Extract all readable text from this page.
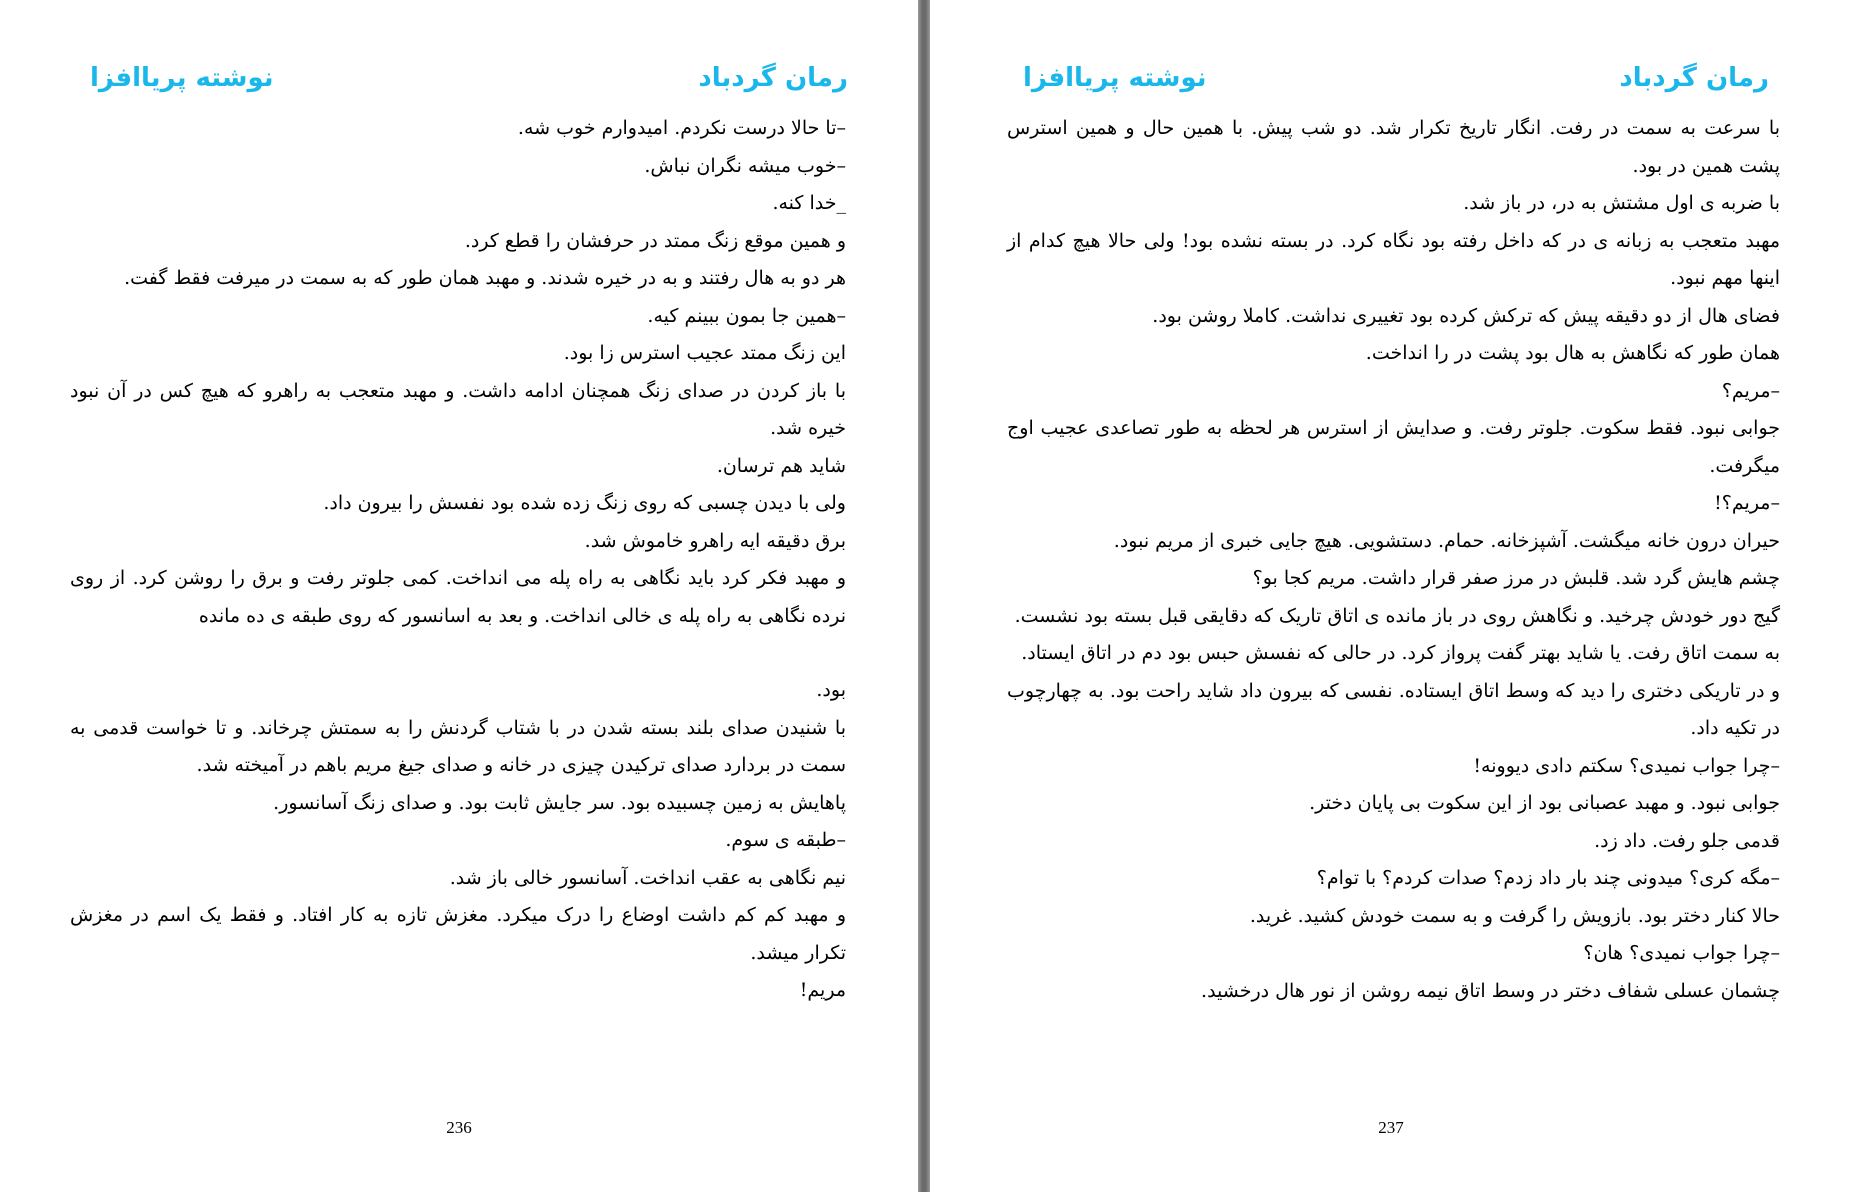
رمان گردباد
نوشته پریاافزا

–تا حالا درست نکردم. امیدوارم خوب شه.

–خوب میشه نگران نباش.

_خدا کنه.

و همین موقع زنگ ممتد در حرفشان را قطع کرد.

هر دو به هال رفتند و به در خیره شدند. و مهبد همان طور که به سمت در میرفت فقط گفت.

–همین جا بمون ببینم کیه.

این زنگ ممتد عجیب استرس زا بود.

با باز کردن در صدای زنگ همچنان ادامه داشت. و مهبد متعجب به راهرو که هیچ کس در آن نبود خیره شد.

شاید هم ترسان.

ولی با دیدن چسبی که روی زنگ زده شده بود نفسش را بیرون داد.

برق دقیقه ایه راهرو خاموش شد.

و مهبد فکر کرد باید نگاهی به راه پله می انداخت. کمی جلوتر رفت و برق را روشن کرد. از روی نرده نگاهی به راه پله ی خالی انداخت. و بعد به اسانسور که روی طبقه ی ده مانده

بود.

با شنیدن صدای بلند بسته شدن در با شتاب گردنش را به سمتش چرخاند. و تا خواست قدمی به سمت در بردارد صدای ترکیدن چیزی در خانه و صدای جیغ مریم باهم در آمیخته شد.

پاهایش به زمین چسبیده بود. سر جایش ثابت بود. و صدای زنگ آسانسور.

–طبقه ی سوم.

نیم نگاهی به عقب انداخت. آسانسور خالی باز شد.

و مهبد کم کم داشت اوضاع را درک میکرد. مغزش تازه به کار افتاد. و فقط یک اسم در مغزش تکرار میشد.

مریم!

236
رمان گردباد
نوشته پریاافزا

با سرعت به سمت در رفت. انگار تاریخ تکرار شد. دو شب پیش. با همین حال و همین استرس پشت همین در بود.

با ضربه ی اول مشتش به در، در باز شد.

مهبد متعجب به زبانه ی در که داخل رفته بود نگاه کرد. در بسته نشده بود! ولی حالا هیچ کدام از اینها مهم نبود.

فضای هال از دو دقیقه پیش که ترکش کرده بود تغییری نداشت. کاملا روشن بود.

همان طور که نگاهش به هال بود پشت در را انداخت.

–مریم؟

جوابی نبود. فقط سکوت. جلوتر رفت. و صدایش از استرس هر لحظه به طور تصاعدی عجیب اوج میگرفت.

–مریم؟!

حیران درون خانه میگشت. آشپزخانه. حمام. دستشویی. هیچ جایی خبری از مریم نبود.

چشم هایش گرد شد. قلبش در مرز صفر قرار داشت. مریم کجا بو؟

گیج دور خودش چرخید. و نگاهش روی در باز مانده ی اتاق تاریک که دقایقی قبل بسته بود نشست.

به سمت اتاق رفت. یا شاید بهتر گفت پرواز کرد. در حالی که نفسش حبس بود دم در اتاق ایستاد.

و در تاریکی دختری را دید که وسط اتاق ایستاده. نفسی که بیرون داد شاید راحت بود. به چهارچوب در تکیه داد.

–چرا جواب نمیدی؟ سکتم دادی دیوونه!

جوابی نبود. و مهبد عصبانی بود از این سکوت بی پایان دختر.

قدمی جلو رفت. داد زد.

–مگه کری؟ میدونی چند بار داد زدم؟ صدات کردم؟ با توام؟

حالا کنار دختر بود. بازویش را گرفت و به سمت خودش کشید. غرید.

–چرا جواب نمیدی؟ هان؟

چشمان عسلی شفاف دختر در وسط اتاق نیمه روشن از نور هال درخشید.

237
